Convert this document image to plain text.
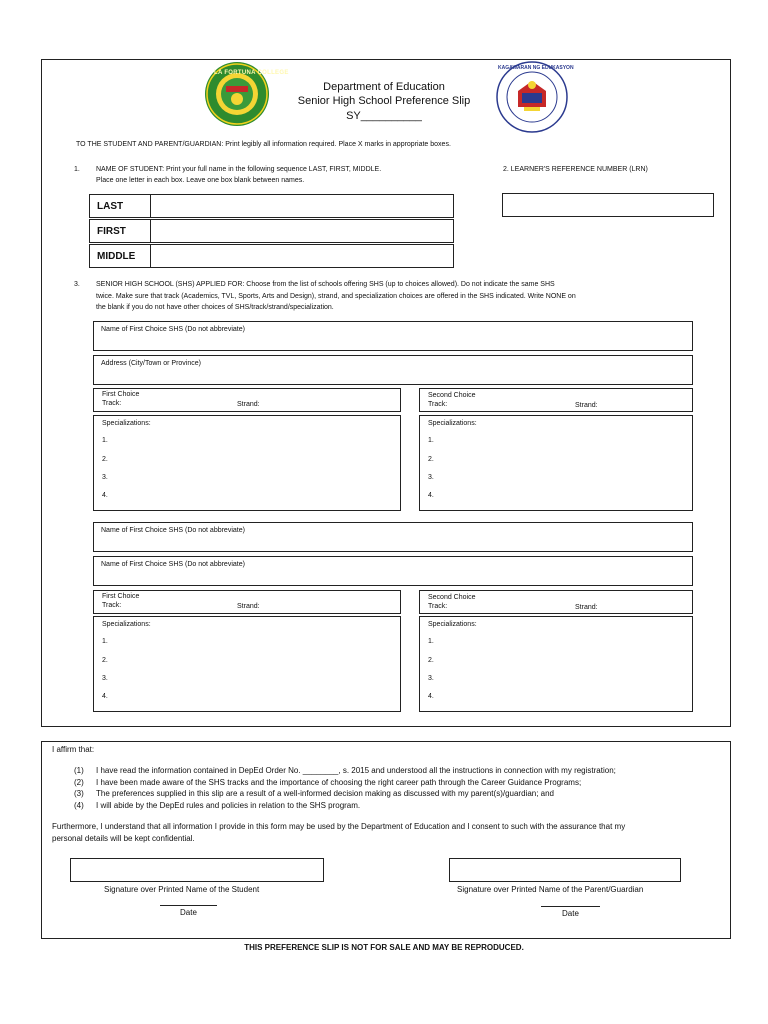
LA FORTUNA COLLEGE
KAGAWARAN NG EDUKASYON
Department of Education
Senior High School Preference Slip
SY__________
TO THE STUDENT AND PARENT/GUARDIAN: Print legibly all information required. Place X marks in appropriate boxes.
1. NAME OF STUDENT: Print your full name in the following sequence LAST, FIRST, MIDDLE.
Place one letter in each box. Leave one box blank between names.
LAST
FIRST
MIDDLE
2. LEARNER'S REFERENCE NUMBER (LRN)
3. SENIOR HIGH SCHOOL (SHS) APPLIED FOR: Choose from the list of schools offering SHS (up to choices allowed). Do not indicate the same SHS
twice. Make sure that track (Academics, TVL, Sports, Arts and Design), strand, and specialization choices are offered in the SHS indicated. Write NONE on
the blank if you do not have other choices of SHS/track/strand/specialization.
Name of First Choice SHS (Do not abbreviate)
Address (City/Town or Province)
First Choice
Track:	Strand:
Second Choice
Track:	Strand:
Specializations:
1.
2.
3.
4.
Specializations:
1.
2.
3.
4.
Name of First Choice SHS (Do not abbreviate)
Name of First Choice SHS (Do not abbreviate)
First Choice
Track:	Strand:
Second Choice
Track:	Strand:
Specializations:
1.
2.
3.
4.
Specializations:
1.
2.
3.
4.
I affirm that:
(1) I have read the information contained in DepEd Order No. ________, s. 2015 and understood all the instructions in connection with my registration;
(2) I have been made aware of the SHS tracks and the importance of choosing the right career path through the Career Guidance Programs;
(3) The preferences supplied in this slip are a result of a well-informed decision making as discussed with my parent(s)/guardian; and
(4) I will abide by the DepEd rules and policies in relation to the SHS program.
Furthermore, I understand that all information I provide in this form may be used by the Department of Education and I consent to such with the assurance that my
personal details will be kept confidential.
Signature over Printed Name of the Student
Date
Signature over Printed Name of the Parent/Guardian
Date
THIS PREFERENCE SLIP IS NOT FOR SALE AND MAY BE REPRODUCED.
